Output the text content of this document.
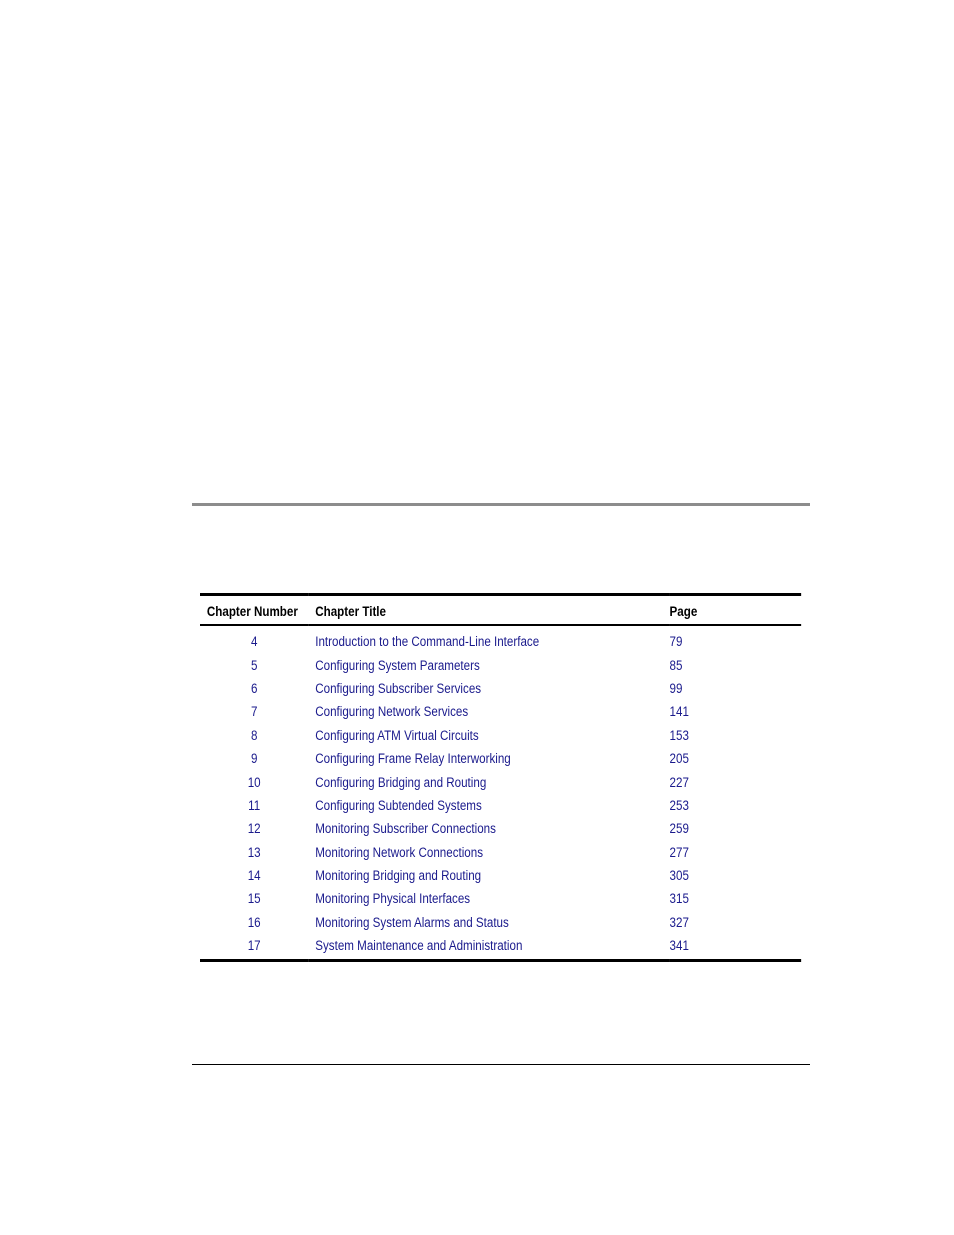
Chapter Number	Chapter Title	Page
4	Introduction to the Command-Line Interface	79
5	Configuring System Parameters	85
6	Configuring Subscriber Services	99
7	Configuring Network Services	141
8	Configuring ATM Virtual Circuits	153
9	Configuring Frame Relay Interworking	205
10	Configuring Bridging and Routing	227
11	Configuring Subtended Systems	253
12	Monitoring Subscriber Connections	259
13	Monitoring Network Connections	277
14	Monitoring Bridging and Routing	305
15	Monitoring Physical Interfaces	315
16	Monitoring System Alarms and Status	327
17	System Maintenance and Administration	341
